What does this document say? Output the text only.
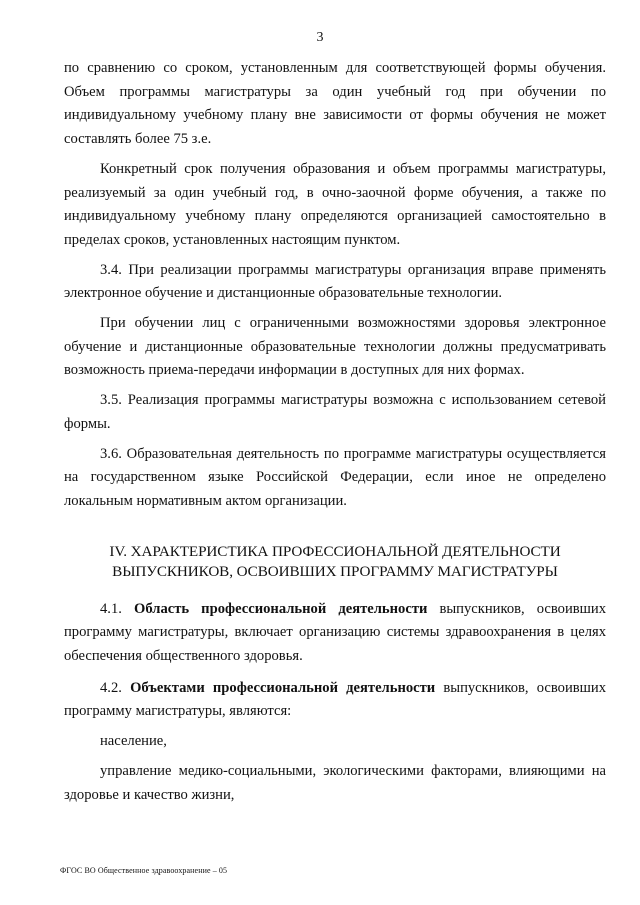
3

по сравнению со сроком, установленным для соответствующей формы обучения. Объем программы магистратуры за один учебный год при обучении по индивидуальному учебному плану вне зависимости от формы обучения не может составлять более 75 з.е.

Конкретный срок получения образования и объем программы магистратуры, реализуемый за один учебный год, в очно-заочной форме обучения, а также по индивидуальному учебному плану определяются организацией самостоятельно в пределах сроков, установленных настоящим пунктом.

3.4. При реализации программы магистратуры организация вправе применять электронное обучение и дистанционные образовательные технологии.

При обучении лиц с ограниченными возможностями здоровья электронное обучение и дистанционные образовательные технологии должны предусматривать возможность приема-передачи информации в доступных для них формах.

3.5. Реализация программы магистратуры возможна с использованием сетевой формы.

3.6. Образовательная деятельность по программе магистратуры осуществляется на государственном языке Российской Федерации, если иное не определено локальным нормативным актом организации.

IV. ХАРАКТЕРИСТИКА ПРОФЕССИОНАЛЬНОЙ ДЕЯТЕЛЬНОСТИ
ВЫПУСКНИКОВ, ОСВОИВШИХ ПРОГРАММУ МАГИСТРАТУРЫ

4.1. Область профессиональной деятельности выпускников, освоивших программу магистратуры, включает организацию системы здравоохранения в целях обеспечения общественного здоровья.

4.2. Объектами профессиональной деятельности выпускников, освоивших программу магистратуры, являются:

население,

управление медико-социальными, экологическими факторами, влияющими на здоровье и качество жизни,

ФГОС ВО Общественное здравоохранение – 05
